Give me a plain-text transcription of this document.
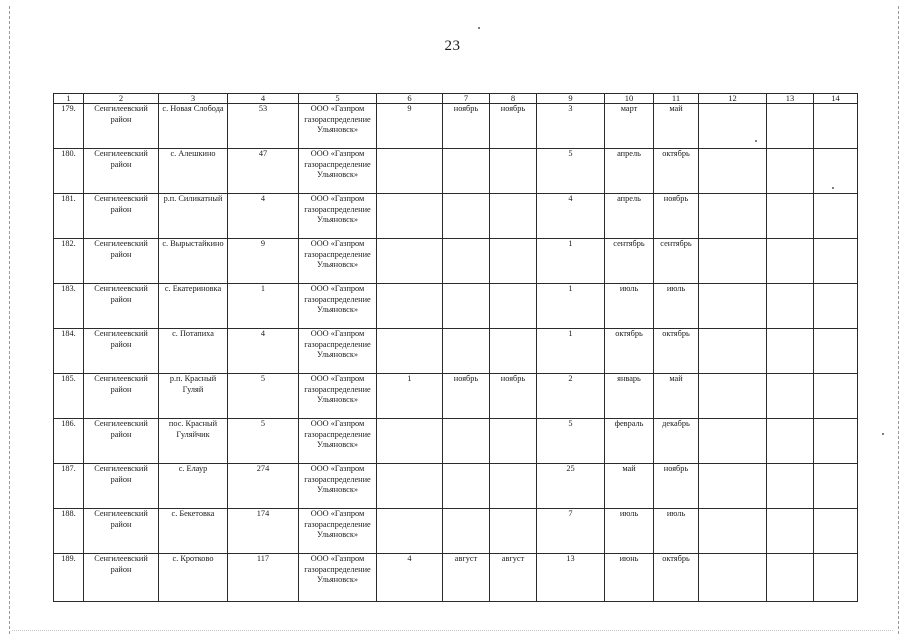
23
1	2	3	4	5	6	7	8	9	10	11	12	13	14
179.	Сенгилеевский район	с. Новая Слобода	53	ООО «Газпром газораспределение Ульяновск»	9	ноябрь	ноябрь	3	март	май			
180.	Сенгилеевский район	с. Алешкино	47	ООО «Газпром газораспределение Ульяновск»				5	апрель	октябрь			
181.	Сенгилеевский район	р.п. Силикатный	4	ООО «Газпром газораспределение Ульяновск»				4	апрель	ноябрь			
182.	Сенгилеевский район	с. Вырыстайкино	9	ООО «Газпром газораспределение Ульяновск»				1	сентябрь	сентябрь			
183.	Сенгилеевский район	с. Екатериновка	1	ООО «Газпром газораспределение Ульяновск»				1	июль	июль			
184.	Сенгилеевский район	с. Потапиха	4	ООО «Газпром газораспределение Ульяновск»				1	октябрь	октябрь			
185.	Сенгилеевский район	р.п. Красный Гуляй	5	ООО «Газпром газораспределение Ульяновск»	1	ноябрь	ноябрь	2	январь	май			
186.	Сенгилеевский район	пос. Красный Гуляйчик	5	ООО «Газпром газораспределение Ульяновск»				5	февраль	декабрь			
187.	Сенгилеевский район	с. Елаур	274	ООО «Газпром газораспределение Ульяновск»				25	май	ноябрь			
188.	Сенгилеевский район	с. Бекетовка	174	ООО «Газпром газораспределение Ульяновск»				7	июль	июль			
189.	Сенгилеевский район	с. Кротково	117	ООО «Газпром газораспределение Ульяновск»	4	август	август	13	июнь	октябрь			
